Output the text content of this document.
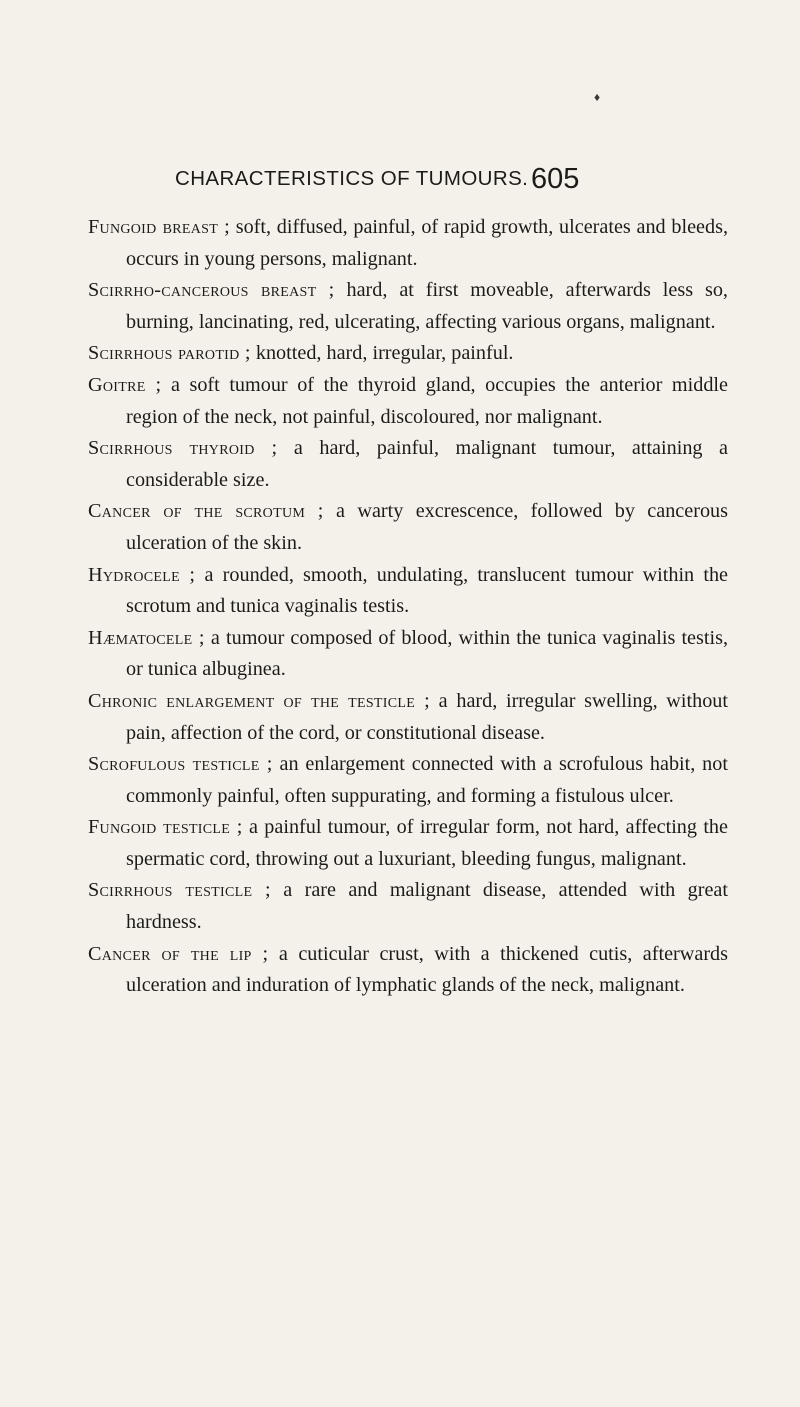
♦
CHARACTERISTICS OF TUMOURS. 605

Fungoid breast ; soft, diffused, painful, of rapid growth, ulcerates and bleeds, occurs in young persons, malignant.

Scirrho-cancerous breast ; hard, at first moveable, afterwards less so, burning, lancinating, red, ulcerating, affecting various organs, malignant.

Scirrhous parotid ; knotted, hard, irregular, painful.

Goitre ; a soft tumour of the thyroid gland, occupies the anterior middle region of the neck, not painful, discoloured, nor malignant.

Scirrhous thyroid ; a hard, painful, malignant tumour, attaining a considerable size.

Cancer of the scrotum ; a warty excrescence, followed by cancerous ulceration of the skin.

Hydrocele ; a rounded, smooth, undulating, translucent tumour within the scrotum and tunica vaginalis testis.

Hæmatocele ; a tumour composed of blood, within the tunica vaginalis testis, or tunica albuginea.

Chronic enlargement of the testicle ; a hard, irregular swelling, without pain, affection of the cord, or constitutional disease.

Scrofulous testicle ; an enlargement connected with a scrofulous habit, not commonly painful, often suppurating, and forming a fistulous ulcer.

Fungoid testicle ; a painful tumour, of irregular form, not hard, affecting the spermatic cord, throwing out a luxuriant, bleeding fungus, malignant.

Scirrhous testicle ; a rare and malignant disease, attended with great hardness.

Cancer of the lip ; a cuticular crust, with a thickened cutis, afterwards ulceration and induration of lymphatic glands of the neck, malignant.
